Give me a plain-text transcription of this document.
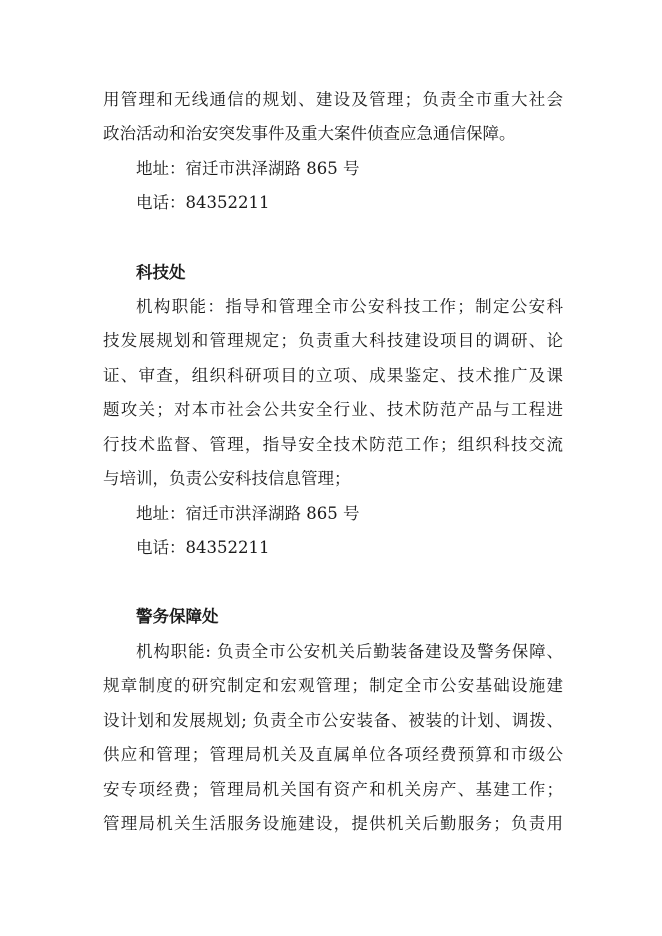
用管理和无线通信的规划、建设及管理；负责全市重大社会
政治活动和治安突发事件及重大案件侦查应急通信保障。
地址：宿迁市洪泽湖路 865 号
电话：84352211
科技处
机构职能：指导和管理全市公安科技工作；制定公安科
技发展规划和管理规定；负责重大科技建设项目的调研、论
证、审查，组织科研项目的立项、成果鉴定、技术推广及课
题攻关；对本市社会公共安全行业、技术防范产品与工程进
行技术监督、管理，指导安全技术防范工作；组织科技交流
与培训，负责公安科技信息管理；
地址：宿迁市洪泽湖路 865 号
电话：84352211
警务保障处
机构职能: 负责全市公安机关后勤装备建设及警务保障、
规章制度的研究制定和宏观管理；制定全市公安基础设施建
设计划和发展规划; 负责全市公安装备、被装的计划、调拨、
供应和管理；管理局机关及直属单位各项经费预算和市级公
安专项经费；管理局机关国有资产和机关房产、基建工作；
管理局机关生活服务设施建设，提供机关后勤服务；负责用
